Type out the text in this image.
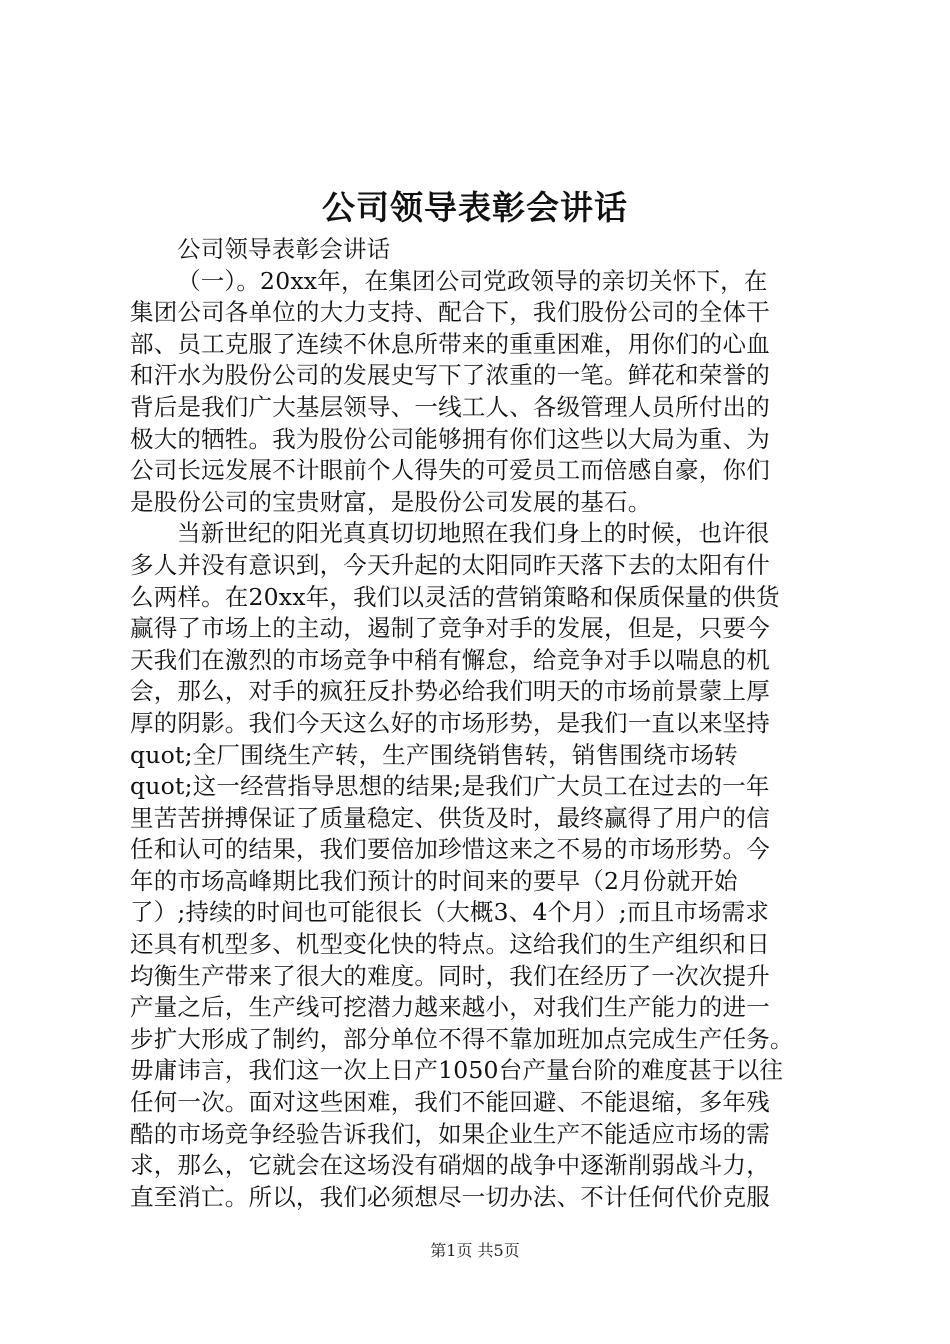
公司领导表彰会讲话
公司领导表彰会讲话
（一）。20xx年，在集团公司党政领导的亲切关怀下，在
集团公司各单位的大力支持、配合下，我们股份公司的全体干
部、员工克服了连续不休息所带来的重重困难，用你们的心血
和汗水为股份公司的发展史写下了浓重的一笔。鲜花和荣誉的
背后是我们广大基层领导、一线工人、各级管理人员所付出的
极大的牺牲。我为股份公司能够拥有你们这些以大局为重、为
公司长远发展不计眼前个人得失的可爱员工而倍感自豪，你们
是股份公司的宝贵财富，是股份公司发展的基石。
当新世纪的阳光真真切切地照在我们身上的时候，也许很
多人并没有意识到，今天升起的太阳同昨天落下去的太阳有什
么两样。在20xx年，我们以灵活的营销策略和保质保量的供货
赢得了市场上的主动，遏制了竞争对手的发展，但是，只要今
天我们在激烈的市场竞争中稍有懈怠，给竞争对手以喘息的机
会，那么，对手的疯狂反扑势必给我们明天的市场前景蒙上厚
厚的阴影。我们今天这么好的市场形势，是我们一直以来坚持
quot;全厂围绕生产转，生产围绕销售转，销售围绕市场转
quot;这一经营指导思想的结果;是我们广大员工在过去的一年
里苦苦拼搏保证了质量稳定、供货及时，最终赢得了用户的信
任和认可的结果，我们要倍加珍惜这来之不易的市场形势。今
年的市场高峰期比我们预计的时间来的要早（2月份就开始
了）;持续的时间也可能很长（大概3、4个月）;而且市场需求
还具有机型多、机型变化快的特点。这给我们的生产组织和日
均衡生产带来了很大的难度。同时，我们在经历了一次次提升
产量之后，生产线可挖潜力越来越小，对我们生产能力的进一
步扩大形成了制约，部分单位不得不靠加班加点完成生产任务。
毋庸讳言，我们这一次上日产1050台产量台阶的难度甚于以往
任何一次。面对这些困难，我们不能回避、不能退缩，多年残
酷的市场竞争经验告诉我们，如果企业生产不能适应市场的需
求，那么，它就会在这场没有硝烟的战争中逐渐削弱战斗力，
直至消亡。所以，我们必须想尽一切办法、不计任何代价克服
第1页 共5页
